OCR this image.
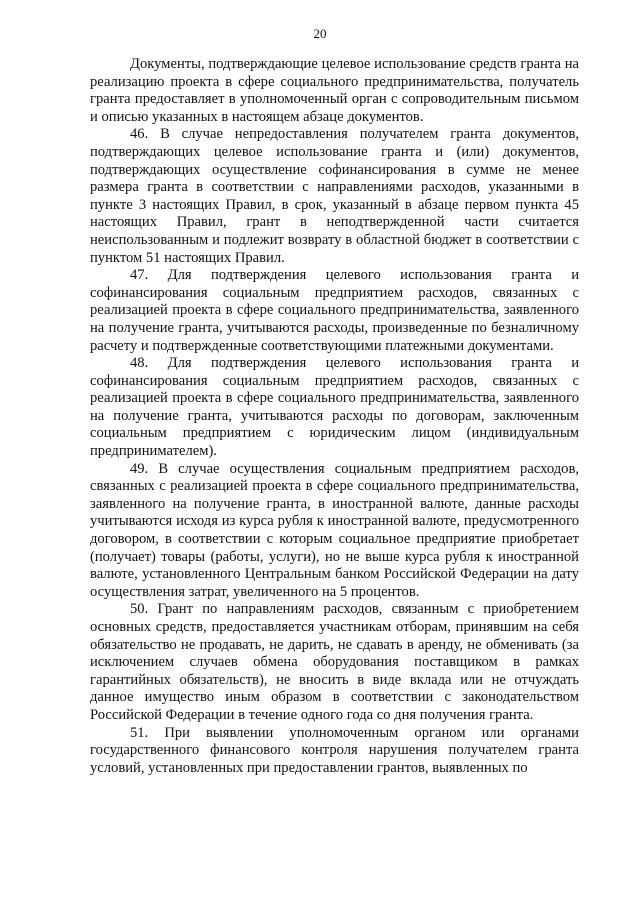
20

Документы, подтверждающие целевое использование средств гранта на реализацию проекта в сфере социального предпринимательства, получатель гранта предоставляет в уполномоченный орган с сопроводительным письмом и описью указанных в настоящем абзаце документов.

46. В случае непредоставления получателем гранта документов, подтверждающих целевое использование гранта и (или) документов, подтверждающих осуществление софинансирования в сумме не менее размера гранта в соответствии с направлениями расходов, указанными в пункте 3 настоящих Правил, в срок, указанный в абзаце первом пункта 45 настоящих Правил, грант в неподтвержденной части считается неиспользованным и подлежит возврату в областной бюджет в соответствии с пунктом 51 настоящих Правил.

47. Для подтверждения целевого использования гранта и софинансирования социальным предприятием расходов, связанных с реализацией проекта в сфере социального предпринимательства, заявленного на получение гранта, учитываются расходы, произведенные по безналичному расчету и подтвержденные соответствующими платежными документами.

48. Для подтверждения целевого использования гранта и софинансирования социальным предприятием расходов, связанных с реализацией проекта в сфере социального предпринимательства, заявленного на получение гранта, учитываются расходы по договорам, заключенным социальным предприятием с юридическим лицом (индивидуальным предпринимателем).

49. В случае осуществления социальным предприятием расходов, связанных с реализацией проекта в сфере социального предпринимательства, заявленного на получение гранта, в иностранной валюте, данные расходы учитываются исходя из курса рубля к иностранной валюте, предусмотренного договором, в соответствии с которым социальное предприятие приобретает (получает) товары (работы, услуги), но не выше курса рубля к иностранной валюте, установленного Центральным банком Российской Федерации на дату осуществления затрат, увеличенного на 5 процентов.

50. Грант по направлениям расходов, связанным с приобретением основных средств, предоставляется участникам отборам, принявшим на себя обязательство не продавать, не дарить, не сдавать в аренду, не обменивать (за исключением случаев обмена оборудования поставщиком в рамках гарантийных обязательств), не вносить в виде вклада или не отчуждать данное имущество иным образом в соответствии с законодательством Российской Федерации в течение одного года со дня получения гранта.

51. При выявлении уполномоченным органом или органами государственного финансового контроля нарушения получателем гранта условий, установленных при предоставлении грантов, выявленных по
